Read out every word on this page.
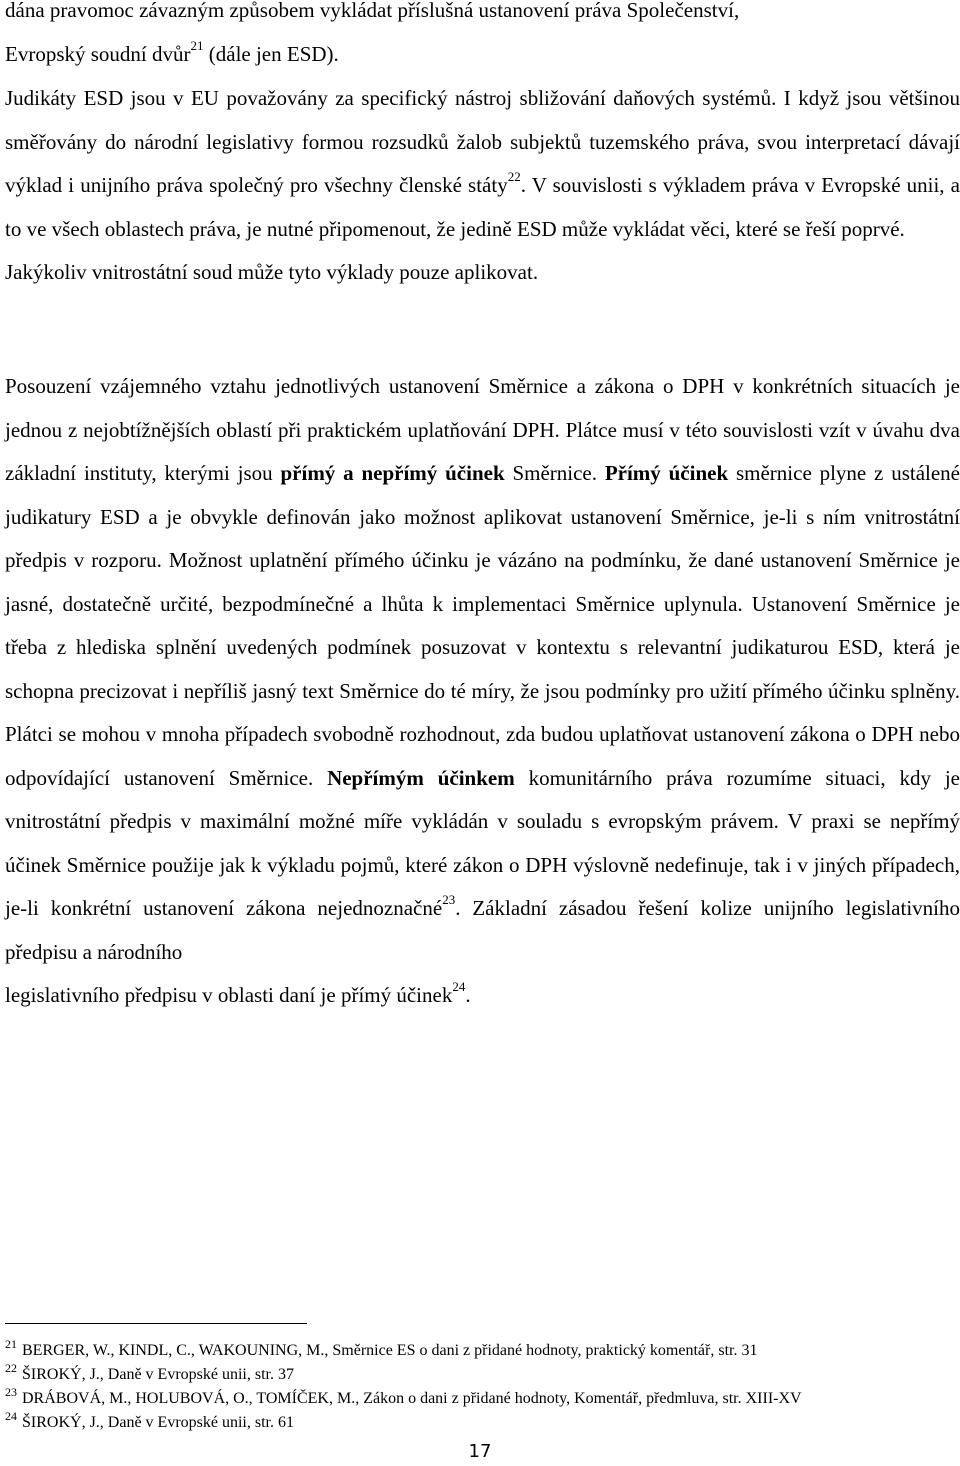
dána pravomoc závazným způsobem vykládat příslušná ustanovení práva Společenství,

Evropský soudní dvůr$^{21}$ (dále jen ESD).

Judikáty ESD jsou v EU považovány za specifický nástroj sbližování daňových systémů. I když jsou většinou směřovány do národní legislativy formou rozsudků žalob subjektů tuzemského práva, svou interpretací dávají výklad i unijního práva společný pro všechny členské státy$^{22}$. V souvislosti s výkladem práva v Evropské unii, a to ve všech oblastech práva, je nutné připomenout, že jedině ESD může vykládat věci, které se řeší poprvé.

Jakýkoliv vnitrostátní soud může tyto výklady pouze aplikovat.

Posouzení vzájemného vztahu jednotlivých ustanovení Směrnice a zákona o DPH v konkrétních situacích je jednou z nejobtížnějších oblastí při praktickém uplatňování DPH. Plátce musí v této souvislosti vzít v úvahu dva základní instituty, kterými jsou přímý a nepřímý účinek Směrnice. Přímý účinek směrnice plyne z ustálené judikatury ESD a je obvykle definován jako možnost aplikovat ustanovení Směrnice, je-li s ním vnitrostátní předpis v rozporu. Možnost uplatnění přímého účinku je vázáno na podmínku, že dané ustanovení Směrnice je jasné, dostatečně určité, bezpodmínečné a lhůta k implementaci Směrnice uplynula. Ustanovení Směrnice je třeba z hlediska splnění uvedených podmínek posuzovat v kontextu s relevantní judikaturou ESD, která je schopna precizovat i nepříliš jasný text Směrnice do té míry, že jsou podmínky pro užití přímého účinku splněny. Plátci se mohou v mnoha případech svobodně rozhodnout, zda budou uplatňovat ustanovení zákona o DPH nebo odpovídající ustanovení Směrnice. Nepřímým účinkem komunitárního práva rozumíme situaci, kdy je vnitrostátní předpis v maximální možné míře vykládán v souladu s evropským právem. V praxi se nepřímý účinek Směrnice použije jak k výkladu pojmů, které zákon o DPH výslovně nedefinuje, tak i v jiných případech, je-li konkrétní ustanovení zákona nejednoznačné$^{23}$. Základní zásadou řešení kolize unijního legislativního předpisu a národního

legislativního předpisu v oblasti daní je přímý účinek$^{24}$.

21 BERGER, W., KINDL, C., WAKOUNING, M., Směrnice ES o dani z přidané hodnoty, praktický komentář, str. 31
22 ŠIROKÝ, J., Daně v Evropské unii, str. 37
23 DRÁBOVÁ, M., HOLUBOVÁ, O., TOMÍČEK, M., Zákon o dani z přidané hodnoty, Komentář, předmluva, str. XIII-XV
24 ŠIROKÝ, J., Daně v Evropské unii, str. 61
17
